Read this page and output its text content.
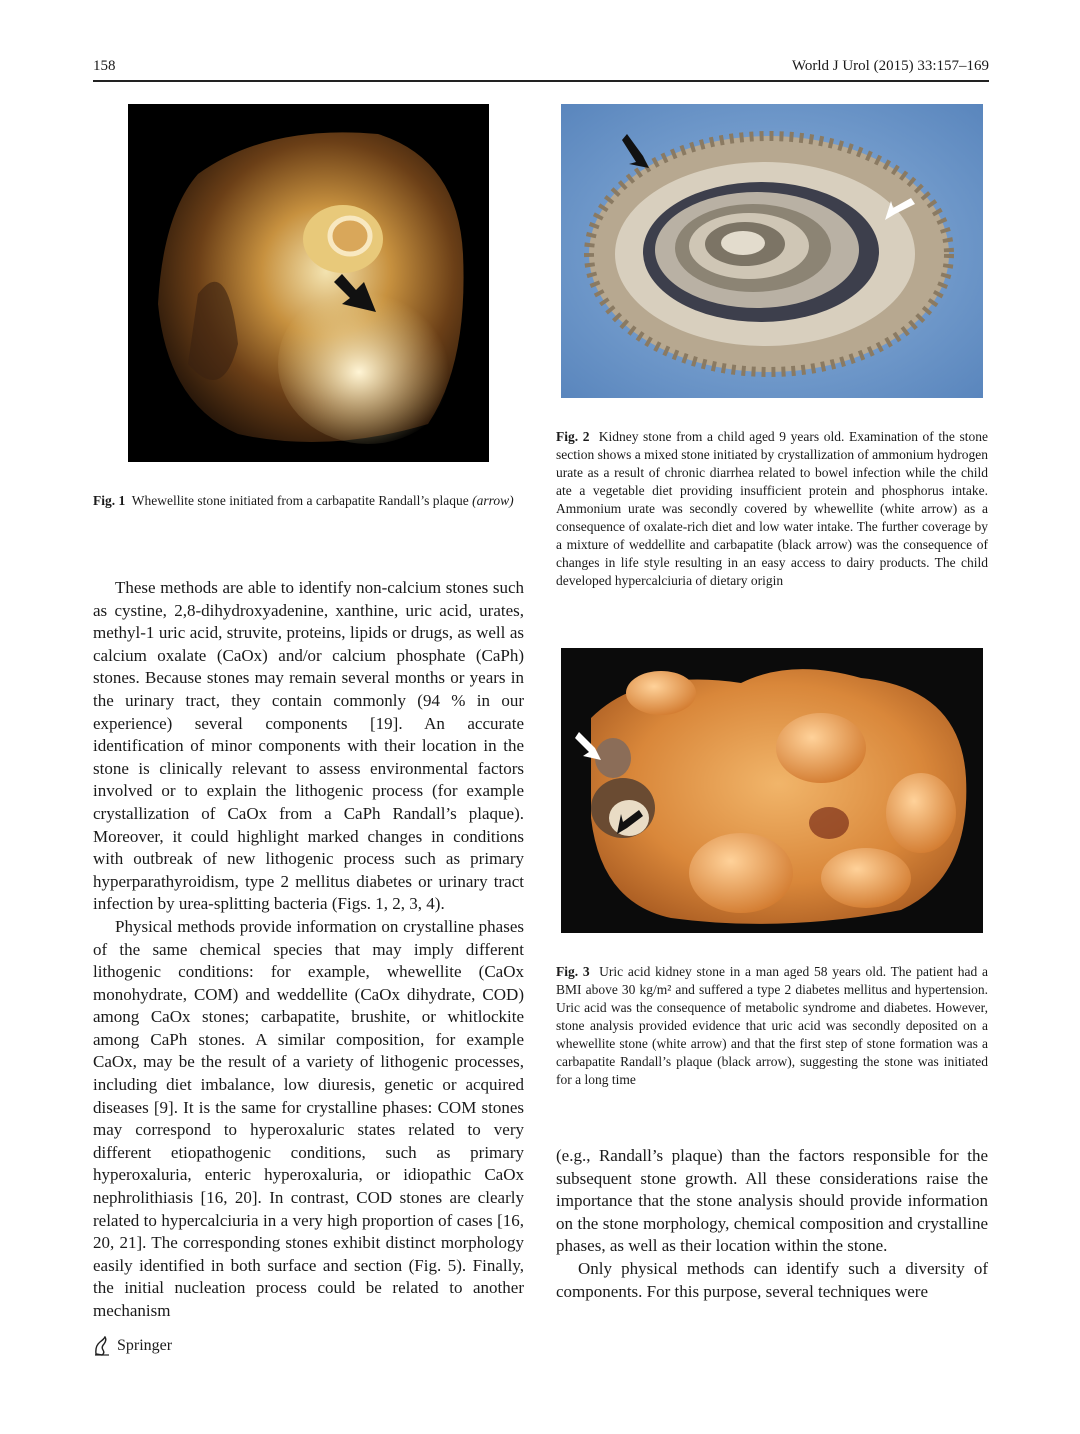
158	World J Urol (2015) 33:157–169
Fig. 1 Whewellite stone initiated from a carbapatite Randall’s plaque (arrow)
Fig. 2 Kidney stone from a child aged 9 years old. Examination of the stone section shows a mixed stone initiated by crystallization of ammonium hydrogen urate as a result of chronic diarrhea related to bowel infection while the child ate a vegetable diet providing insufficient protein and phosphorus intake. Ammonium urate was secondly covered by whewellite (white arrow) as a consequence of oxalate-rich diet and low water intake. The further coverage by a mixture of weddellite and carbapatite (black arrow) was the consequence of changes in life style resulting in an easy access to dairy products. The child developed hypercalciuria of dietary origin
Fig. 3 Uric acid kidney stone in a man aged 58 years old. The patient had a BMI above 30 kg/m² and suffered a type 2 diabetes mellitus and hypertension. Uric acid was the consequence of metabolic syndrome and diabetes. However, stone analysis provided evidence that uric acid was secondly deposited on a whewellite stone (white arrow) and that the first step of stone formation was a carbapatite Randall’s plaque (black arrow), suggesting the stone was initiated for a long time

These methods are able to identify non-calcium stones such as cystine, 2,8-dihydroxyadenine, xanthine, uric acid, urates, methyl-1 uric acid, struvite, proteins, lipids or drugs, as well as calcium oxalate (CaOx) and/or calcium phosphate (CaPh) stones. Because stones may remain several months or years in the urinary tract, they contain commonly (94 % in our experience) several components [19]. An accurate identification of minor components with their location in the stone is clinically relevant to assess environmental factors involved or to explain the lithogenic process (for example crystallization of CaOx from a CaPh Randall’s plaque). Moreover, it could highlight marked changes in conditions with outbreak of new lithogenic process such as primary hyperparathyroidism, type 2 mellitus diabetes or urinary tract infection by urea-splitting bacteria (Figs. 1, 2, 3, 4).

Physical methods provide information on crystalline phases of the same chemical species that may imply different lithogenic conditions: for example, whewellite (CaOx monohydrate, COM) and weddellite (CaOx dihydrate, COD) among CaOx stones; carbapatite, brushite, or whitlockite among CaPh stones. A similar composition, for example CaOx, may be the result of a variety of lithogenic processes, including diet imbalance, low diuresis, genetic or acquired diseases [9]. It is the same for crystalline phases: COM stones may correspond to hyperoxaluric states related to very different etiopathogenic conditions, such as primary hyperoxaluria, enteric hyperoxaluria, or idiopathic CaOx nephrolithiasis [16, 20]. In contrast, COD stones are clearly related to hypercalciuria in a very high proportion of cases [16, 20, 21]. The corresponding stones exhibit distinct morphology easily identified in both surface and section (Fig. 5). Finally, the initial nucleation process could be related to another mechanism

(e.g., Randall’s plaque) than the factors responsible for the subsequent stone growth. All these considerations raise the importance that the stone analysis should provide information on the stone morphology, chemical composition and crystalline phases, as well as their location within the stone.

Only physical methods can identify such a diversity of components. For this purpose, several techniques were

Springer
